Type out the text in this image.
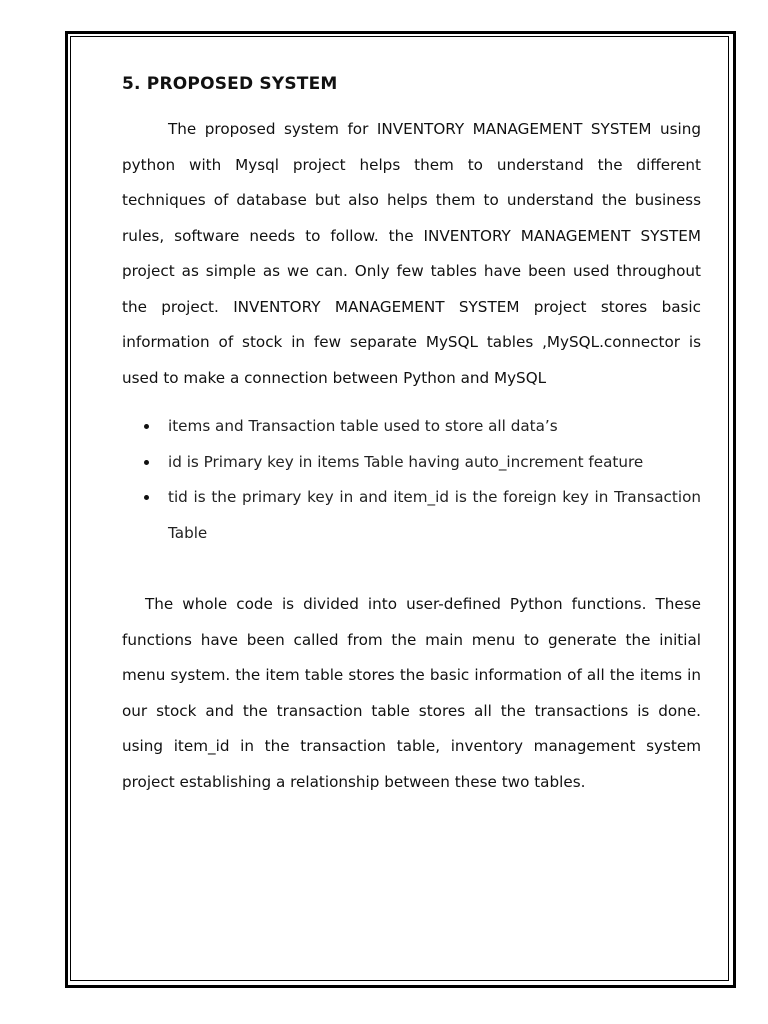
5. PROPOSED SYSTEM

The proposed system for INVENTORY MANAGEMENT SYSTEM using python with Mysql project helps them to understand the different techniques of database but also helps them to understand the business rules, software needs to follow. the INVENTORY MANAGEMENT SYSTEM project as simple as we can. Only few tables have been used throughout the project. INVENTORY MANAGEMENT SYSTEM project stores basic information of stock in few separate MySQL tables ,MySQL.connector is used to make a connection between Python and MySQL

items and Transaction table used to store all data’s
id is Primary key in items Table having auto_increment feature
tid is the primary key in and item_id is the foreign key in Transaction Table

The whole code is divided into user-defined Python functions. These functions have been called from the main menu to generate the initial menu system. the item table stores the basic information of all the items in our stock and the transaction table stores all the transactions is done. using item_id in the transaction table, inventory management system project establishing a relationship between these two tables.
